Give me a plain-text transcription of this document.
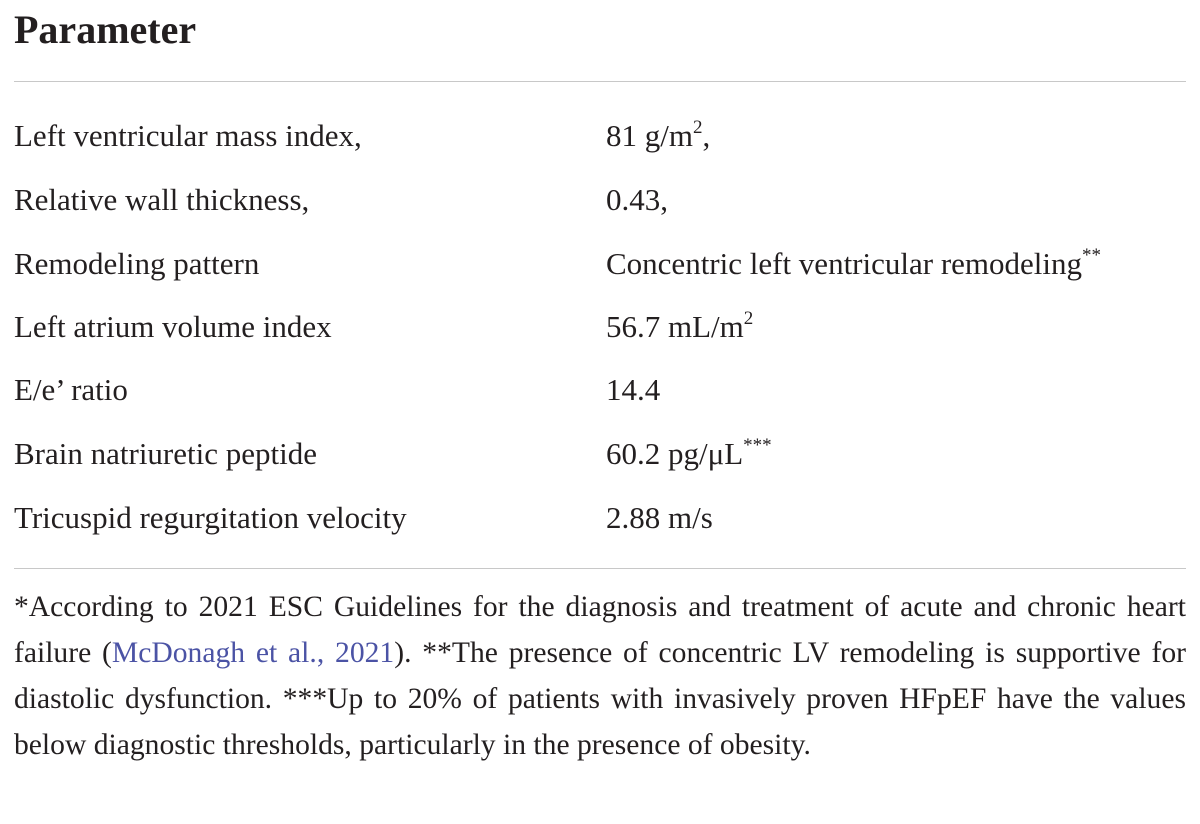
Parameter
Left ventricular mass index,	81 $g/m^2$,
Relative wall thickness,	0.43,
Remodeling pattern	Concentric left ventricular remodeling**
Left atrium volume index	56.7 $mL/m^2$
E/e’ ratio	14.4
Brain natriuretic peptide	60.2 pg/μL***
Tricuspid regurgitation velocity	2.88 m/s
*According to 2021 ESC Guidelines for the diagnosis and treatment of acute and chronic heart failure (McDonagh et al., 2021). **The presence of concentric LV remodeling is supportive for diastolic dysfunction. ***Up to 20% of patients with invasively proven HFpEF have the values below diagnostic thresholds, particularly in the presence of obesity.
